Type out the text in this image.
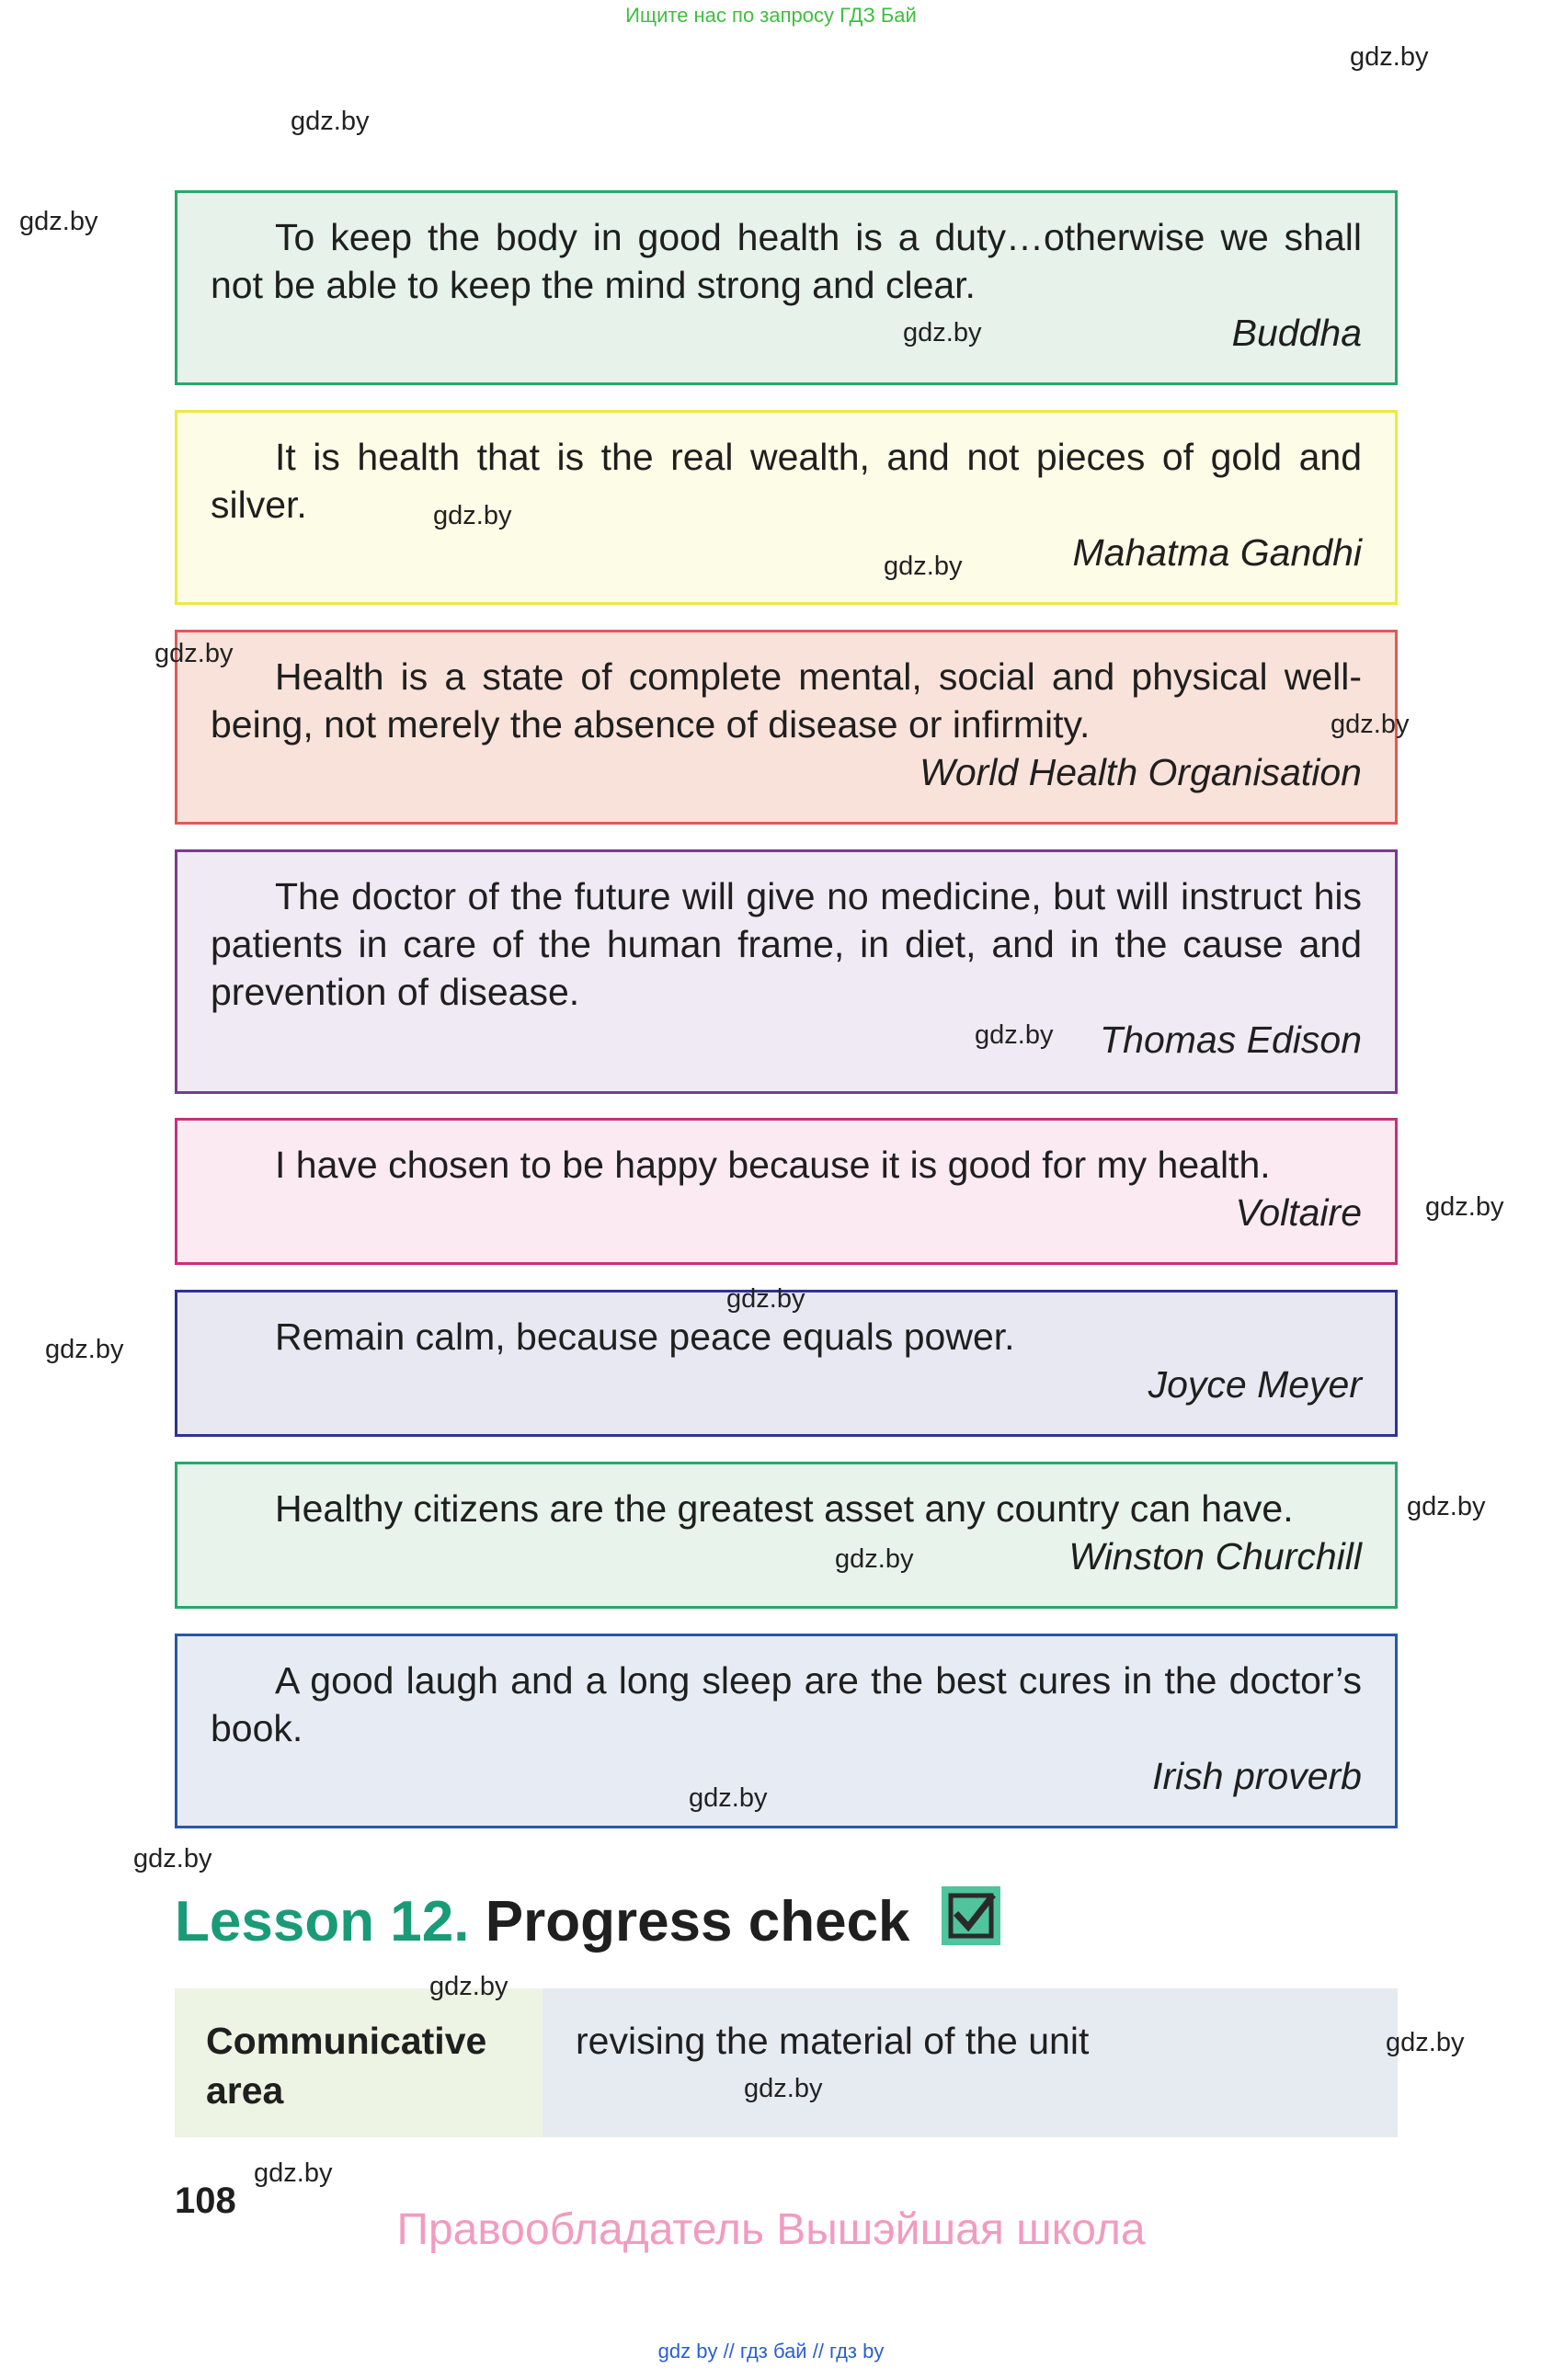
Ищите нас по запросу ГДЗ Бай

To keep the body in good health is a duty…otherwise we shall not be able to keep the mind strong and clear.

Buddha

It is health that is the real wealth, and not pieces of gold and silver.

Mahatma Gandhi

Health is a state of complete mental, social and physical well-being, not merely the absence of disease or infirmity.

World Health Organisation

The doctor of the future will give no medicine, but will instruct his patients in care of the human frame, in diet, and in the cause and prevention of disease.

Thomas Edison

I have chosen to be happy because it is good for my health.

Voltaire

Remain calm, because peace equals power.

Joyce Meyer

Healthy citizens are the greatest asset any country can have.

Winston Churchill

A good laugh and a long sleep are the best cures in the doctor’s book.

Irish proverb
Lesson 12. Progress check
Communicative area
revising the material of the unit
108
Правообладатель Вышэйшая школа
gdz by // гдз бай // гдз by
gdz.by
gdz.by
gdz.by
gdz.by
gdz.by
gdz.by
gdz.by
gdz.by
gdz.by
gdz.by
gdz.by
gdz.by
gdz.by
gdz.by
gdz.by
gdz.by
gdz.by
gdz.by
gdz.by
gdz.by
